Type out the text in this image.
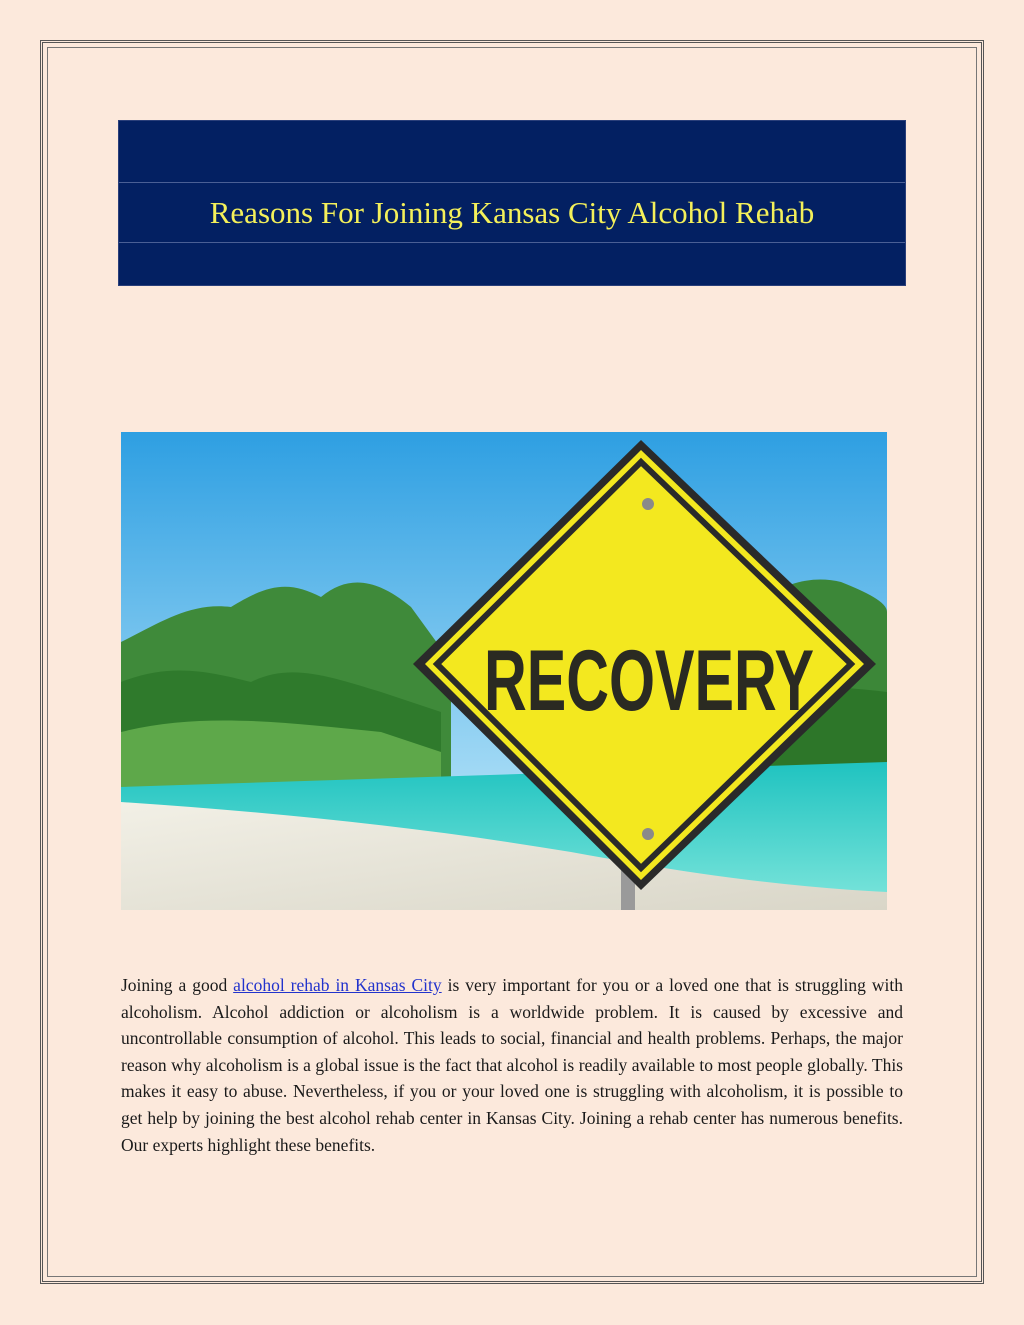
Reasons For Joining Kansas City Alcohol Rehab
RECOVERY
Joining a good alcohol rehab in Kansas City is very important for you or a loved one that is struggling with alcoholism. Alcohol addiction or alcoholism is a worldwide problem. It is caused by excessive and uncontrollable consumption of alcohol. This leads to social, financial and health problems. Perhaps, the major reason why alcoholism is a global issue is the fact that alcohol is readily available to most people globally. This makes it easy to abuse. Nevertheless, if you or your loved one is struggling with alcoholism, it is possible to get help by joining the best alcohol rehab center in Kansas City. Joining a rehab center has numerous benefits. Our experts highlight these benefits.
